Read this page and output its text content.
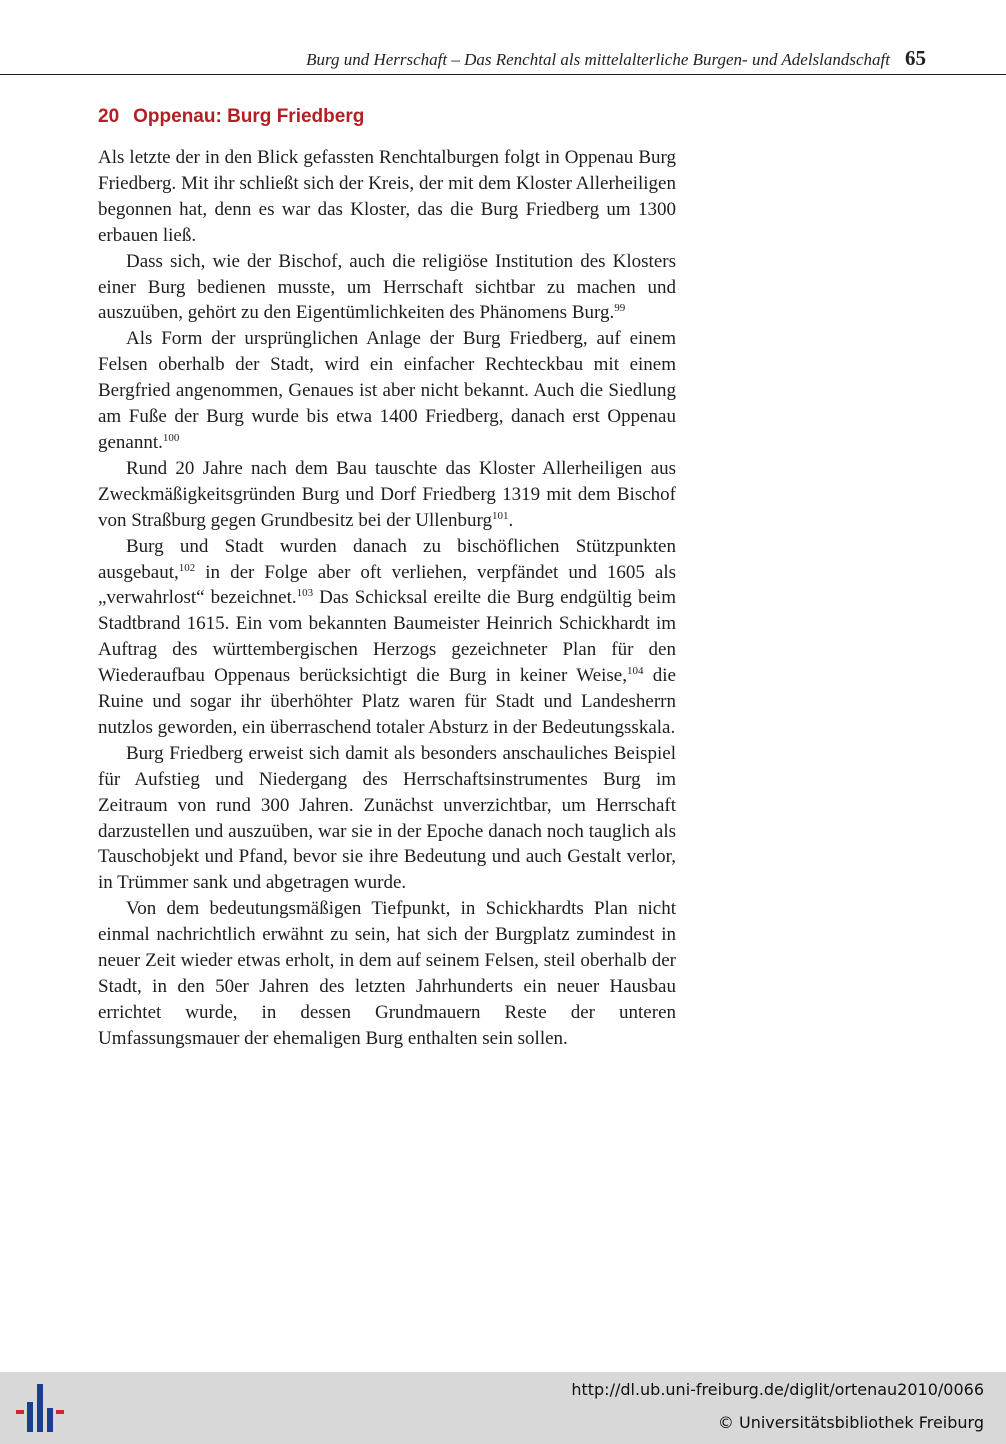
Burg und Herrschaft – Das Renchtal als mittelalterliche Burgen- und Adelslandschaft 65
20 Oppenau: Burg Friedberg

Als letzte der in den Blick gefassten Renchtalburgen folgt in Oppenau Burg Friedberg. Mit ihr schließt sich der Kreis, der mit dem Kloster Allerheiligen begonnen hat, denn es war das Kloster, das die Burg Friedberg um 1300 erbauen ließ.

Dass sich, wie der Bischof, auch die religiöse Institution des Klosters einer Burg bedienen musste, um Herrschaft sichtbar zu machen und auszuüben, gehört zu den Eigentümlichkeiten des Phänomens Burg.$^{99}$

Als Form der ursprünglichen Anlage der Burg Friedberg, auf einem Felsen oberhalb der Stadt, wird ein einfacher Rechteckbau mit einem Bergfried angenommen, Genaues ist aber nicht bekannt. Auch die Siedlung am Fuße der Burg wurde bis etwa 1400 Friedberg, danach erst Oppenau genannt.$^{100}$

Rund 20 Jahre nach dem Bau tauschte das Kloster Allerheiligen aus Zweckmäßigkeitsgründen Burg und Dorf Friedberg 1319 mit dem Bischof von Straßburg gegen Grundbesitz bei der Ullenburg$^{101}$.

Burg und Stadt wurden danach zu bischöflichen Stützpunkten ausgebaut,$^{102}$ in der Folge aber oft verliehen, verpfändet und 1605 als „verwahrlost“ bezeichnet.$^{103}$ Das Schicksal ereilte die Burg endgültig beim Stadtbrand 1615. Ein vom bekannten Baumeister Heinrich Schickhardt im Auftrag des württembergischen Herzogs gezeichneter Plan für den Wiederaufbau Oppenaus berücksichtigt die Burg in keiner Weise,$^{104}$ die Ruine und sogar ihr überhöhter Platz waren für Stadt und Landesherrn nutzlos geworden, ein überraschend totaler Absturz in der Bedeutungsskala.

Burg Friedberg erweist sich damit als besonders anschauliches Beispiel für Aufstieg und Niedergang des Herrschaftsinstrumentes Burg im Zeitraum von rund 300 Jahren. Zunächst unverzichtbar, um Herrschaft darzustellen und auszuüben, war sie in der Epoche danach noch tauglich als Tauschobjekt und Pfand, bevor sie ihre Bedeutung und auch Gestalt verlor, in Trümmer sank und abgetragen wurde.

Von dem bedeutungsmäßigen Tiefpunkt, in Schickhardts Plan nicht einmal nachrichtlich erwähnt zu sein, hat sich der Burgplatz zumindest in neuer Zeit wieder etwas erholt, in dem auf seinem Felsen, steil oberhalb der Stadt, in den 50er Jahren des letzten Jahrhunderts ein neuer Hausbau errichtet wurde, in dessen Grundmauern Reste der unteren Umfassungsmauer der ehemaligen Burg enthalten sein sollen.

http://dl.ub.uni-freiburg.de/diglit/ortenau2010/0066
© Universitätsbibliothek Freiburg
